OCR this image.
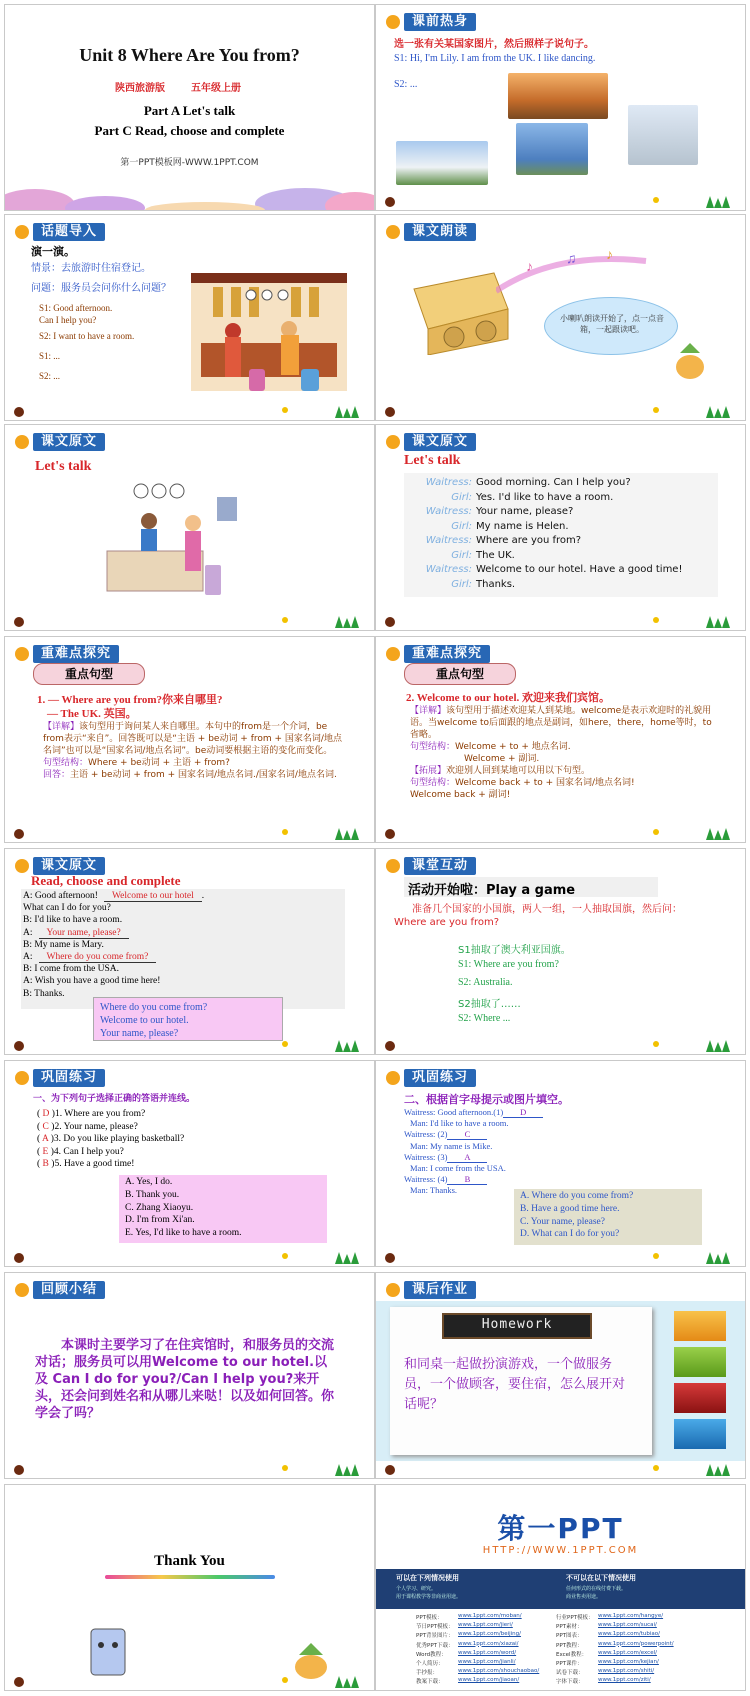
Unit 8 Where Are You from?
陕西旅游版	五年级上册
Part A Let's talk
Part C Read, choose and complete
第一PPT模板网-WWW.1PPT.COM
课前热身
选一张有关某国家图片，然后照样子说句子。
S1: Hi, I'm Lily. I am from the UK. I like dancing.
S2: ...
话题导入
演一演。
情景：去旅游时住宿登记。
问题：服务员会问你什么问题？
S1: Good afternoon.
Can I help you?
S2: I want to have a room.
S1: ...
S2: ...
课文朗读
♪
♫ ♪
小喇叭朗读开始了，点一点音箱，一起跟读吧。
课文原文
Let's talk
课文原文
Let's talk
Waitress: Good morning. Can I help you?
Girl: Yes. I'd like to have a room.
Waitress: Your name, please?
Girl: My name is Helen.
Waitress: Where are you from?
Girl: The UK.
Waitress: Welcome to our hotel. Have a good time!
Girl: Thanks.
重难点探究
重点句型
1. — Where are you from?你来自哪里?
— The UK. 英国。
【详解】该句型用于询问某人来自哪里。本句中的from是一个介词，be from表示“来自”。回答既可以是“主语 + be动词 + from + 国家名词/地点名词”也可以是“国家名词/地点名词”。be动词要根据主语的变化而变化。
句型结构：Where + be动词 + 主语 + from?
回答：主语 + be动词 + from + 国家名词/地点名词./国家名词/地点名词.
重难点探究
重点句型
2. Welcome to our hotel. 欢迎来我们宾馆。
【详解】该句型用于描述欢迎某人到某地。welcome是表示欢迎时的礼貌用语。当welcome to后面跟的地点是副词，如here，there，home等时，to省略。
句型结构：Welcome + to + 地点名词.
Welcome + 副词.
【拓展】欢迎别人回到某地可以用以下句型。
句型结构：Welcome back + to + 国家名词/地点名词!
Welcome back + 副词!
课文原文
Read, choose and complete
A: Good afternoon! Welcome to our hotel .
What can I do for you?
B: I'd like to have a room.
A: Your name, please?
B: My name is Mary.
A: Where do you come from?
B: I come from the USA.
A: Wish you have a good time here!
B: Thanks.
Where do you come from?
Welcome to our hotel.
Your name, please?
课堂互动
活动开始啦：Play a game
准备几个国家的小国旗，两人一组，一人抽取国旗，然后问：Where are you from?
S1抽取了澳大利亚国旗。
S1: Where are you from?
S2: Australia.
S2抽取了……
S2: Where ...
巩固练习
一、为下列句子选择正确的答语并连线。
( D )1. Where are you from?
( C )2. Your name, please?
( A )3. Do you like playing basketball?
( E )4. Can I help you?
( B )5. Have a good time!
A. Yes, I do.
B. Thank you.
C. Zhang Xiaoyu.
D. I'm from Xi'an.
E. Yes, I'd like to have a room.
巩固练习
二、根据首字母提示或图片填空。
Waitress: Good afternoon.(1) D
Man: I'd like to have a room.
Waitress: (2) C
Man: My name is Mike.
Waitress: (3) A
Man: I come from the USA.
Waitress: (4) B
Man: Thanks.
A. Where do you come from?
B. Have a good time here.
C. Your name, please?
D. What can I do for you?
回顾小结
本课时主要学习了在住宾馆时，和服务员的交流对话；服务员可以用Welcome to our hotel.以及 Can I do for you?/Can I help you?来开头，还会问到姓名和从哪儿来哒！以及如何回答。你学会了吗？
课后作业
Homework
和同桌一起做扮演游戏，一个做服务员，一个做顾客，要住宿，怎么展开对话呢？
Thank You
第一PPT
HTTP://WWW.1PPT.COM
可以在下列情况使用
个人学习、研究。
用于课程教学等非商业用途。
不可以在以下情况使用
任何形式的在线付费下载。
商业售卖用途。
PPT模板：	www.1ppt.com/moban/
节日PPT模板： www.1ppt.com/jieri/
PPT背景图片： www.1ppt.com/beijing/
优秀PPT下载： www.1ppt.com/xiazai/
Word教程： www.1ppt.com/word/
个人简历：	www.1ppt.com/jianli/
手抄报：	www.1ppt.com/shouchaobao/
教案下载：	www.1ppt.com/jiaoan/
行业PPT模板： www.1ppt.com/hangye/
PPT素材：	www.1ppt.com/sucai/
PPT图表：	www.1ppt.com/tubiao/
PPT教程：	www.1ppt.com/powerpoint/
Excel教程： www.1ppt.com/excel/
PPT课件：	www.1ppt.com/kejian/
试卷下载：	www.1ppt.com/shiti/
字体下载：	www.1ppt.com/ziti/
